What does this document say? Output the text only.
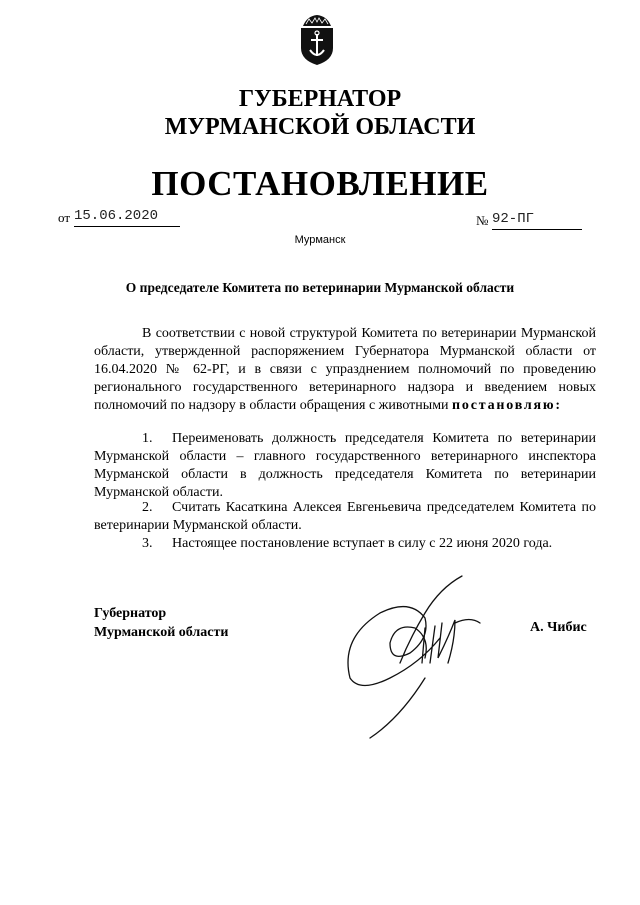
ГУБЕРНАТОР
МУРМАНСКОЙ ОБЛАСТИ
ПОСТАНОВЛЕНИЕ
от 15.06.2020	№ 92-ПГ
Мурманск
О председателе Комитета по ветеринарии Мурманской области
В соответствии с новой структурой Комитета по ветеринарии Мурманской области, утвержденной распоряжением Губернатора Мурманской области от 16.04.2020 № 62-РГ, и в связи с упразднением полномочий по проведению регионального государственного ветеринарного надзора и введением новых полномочий по надзору в области обращения с животными постановляю:
1. Переименовать должность председателя Комитета по ветеринарии Мурманской области – главного государственного ветеринарного инспектора Мурманской области в должность председателя Комитета по ветеринарии Мурманской области.
2. Считать Касаткина Алексея Евгеньевича председателем Комитета по ветеринарии Мурманской области.
3. Настоящее постановление вступает в силу с 22 июня 2020 года.
Губернатор
Мурманской области	А. Чибис
